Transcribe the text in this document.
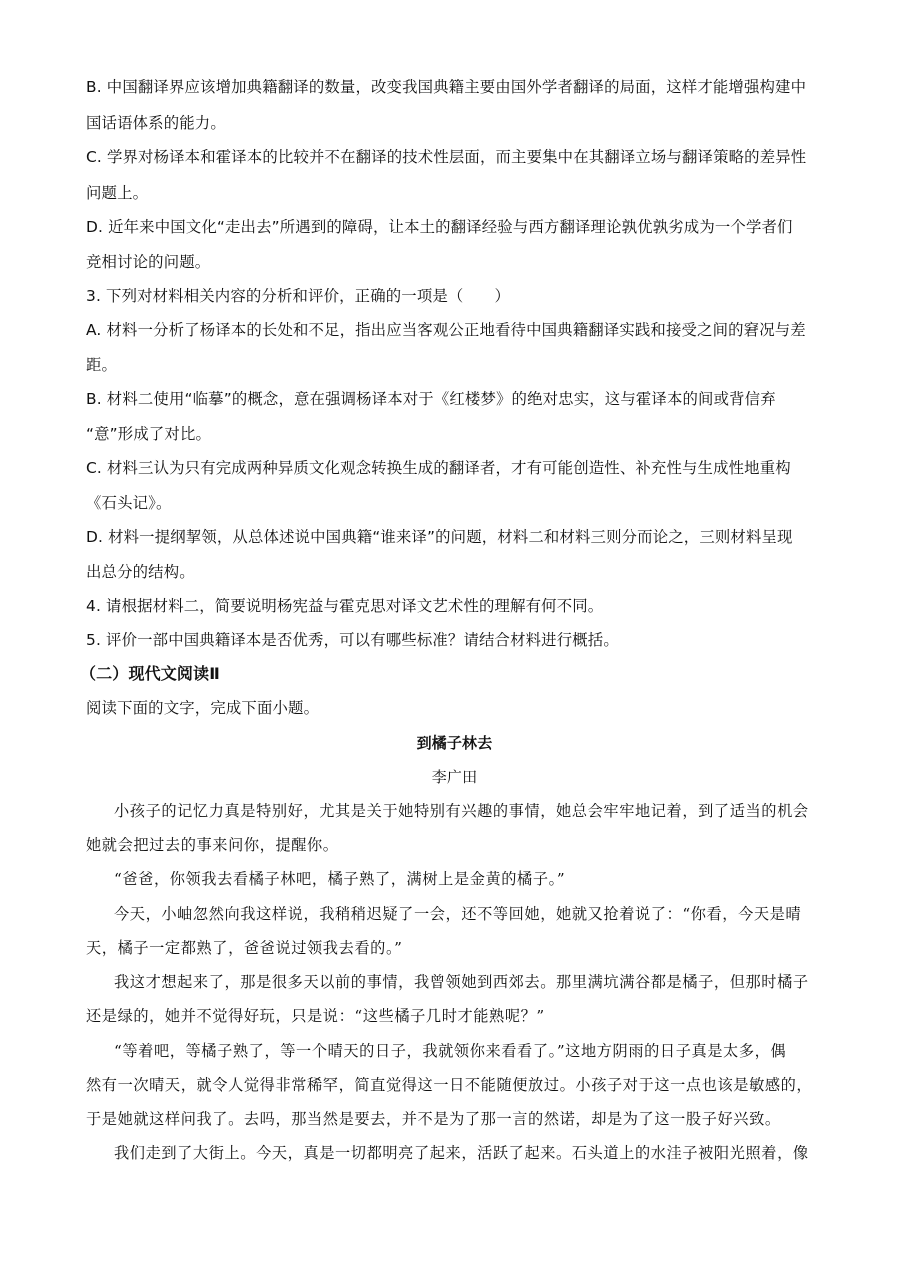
B. 中国翻译界应该增加典籍翻译的数量，改变我国典籍主要由国外学者翻译的局面，这样才能增强构建中
国话语体系的能力。
C. 学界对杨译本和霍译本的比较并不在翻译的技术性层面，而主要集中在其翻译立场与翻译策略的差异性
问题上。
D. 近年来中国文化“走出去”所遇到的障碍，让本土的翻译经验与西方翻译理论孰优孰劣成为一个学者们
竞相讨论的问题。
3. 下列对材料相关内容的分析和评价，正确的一项是（　　）
A. 材料一分析了杨译本的长处和不足，指出应当客观公正地看待中国典籍翻译实践和接受之间的窘况与差
距。
B. 材料二使用“临摹”的概念，意在强调杨译本对于《红楼梦》的绝对忠实，这与霍译本的间或背信弃
“意”形成了对比。
C. 材料三认为只有完成两种异质文化观念转换生成的翻译者，才有可能创造性、补充性与生成性地重构
《石头记》。
D. 材料一提纲挈领，从总体述说中国典籍“谁来译”的问题，材料二和材料三则分而论之，三则材料呈现
出总分的结构。
4. 请根据材料二，简要说明杨宪益与霍克思对译文艺术性的理解有何不同。
5. 评价一部中国典籍译本是否优秀，可以有哪些标准？请结合材料进行概括。
（二）现代文阅读Ⅱ
阅读下面的文字，完成下面小题。
到橘子林去
李广田
小孩子的记忆力真是特别好，尤其是关于她特别有兴趣的事情，她总会牢牢地记着，到了适当的机会
她就会把过去的事来问你，提醒你。
“爸爸，你领我去看橘子林吧，橘子熟了，满树上是金黄的橘子。”
今天，小岫忽然向我这样说，我稍稍迟疑了一会，还不等回她，她就又抢着说了：“你看，今天是晴
天，橘子一定都熟了，爸爸说过领我去看的。”
我这才想起来了，那是很多天以前的事情，我曾领她到西郊去。那里满坑满谷都是橘子，但那时橘子
还是绿的，她并不觉得好玩，只是说：“这些橘子几时才能熟呢？”
“等着吧，等橘子熟了，等一个晴天的日子，我就领你来看看了。”这地方阴雨的日子真是太多，偶
然有一次晴天，就令人觉得非常稀罕，简直觉得这一日不能随便放过。小孩子对于这一点也该是敏感的，
于是她就这样问我了。去吗，那当然是要去，并不是为了那一言的然诺，却是为了这一股子好兴致。
我们走到了大街上。今天，真是一切都明亮了起来，活跃了起来。石头道上的水洼子被阳光照着，像
